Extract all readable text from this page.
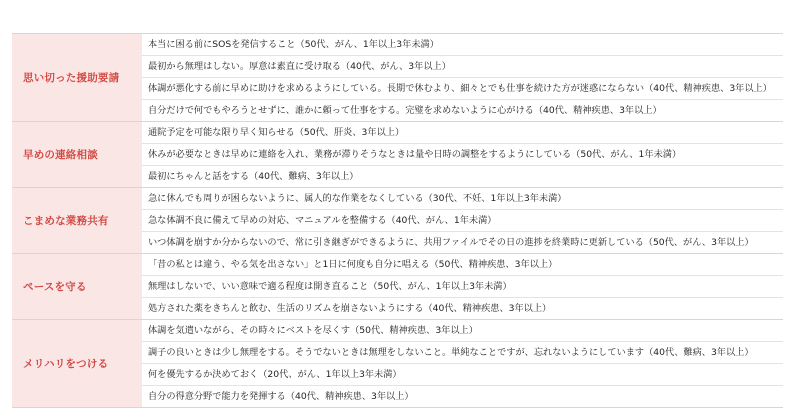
思い切った援助要請
本当に困る前にSOSを発信すること（50代、がん、1年以上3年未満）
最初から無理はしない。厚意は素直に受け取る（40代、がん、3年以上）
体調が悪化する前に早めに助けを求めるようにしている。長期で休むより、細々とでも仕事を続けた方が迷惑にならない（40代、精神疾患、3年以上）
自分だけで何でもやろうとせずに、誰かに頼って仕事をする。完璧を求めないように心がける（40代、精神疾患、3年以上）
早めの連絡相談
通院予定を可能な限り早く知らせる（50代、肝炎、3年以上）
休みが必要なときは早めに連絡を入れ、業務が滞りそうなときは量や日時の調整をするようにしている（50代、がん、1年未満）
最初にちゃんと話をする（40代、難病、3年以上）
こまめな業務共有
急に休んでも周りが困らないように、属人的な作業をなくしている（30代、不妊、1年以上3年未満）
急な体調不良に備えて早めの対応、マニュアルを整備する（40代、がん、1年未満）
いつ体調を崩すか分からないので、常に引き継ぎができるように、共用ファイルでその日の進捗を終業時に更新している（50代、がん、3年以上）
ペースを守る
「昔の私とは違う、やる気を出さない」と1日に何度も自分に唱える（50代、精神疾患、3年以上）
無理はしないで、いい意味で適る程度は開き直ること（50代、がん、1年以上3年未満）
処方された薬をきちんと飲む、生活のリズムを崩さないようにする（40代、精神疾患、3年以上）
メリハリをつける
体調を気遣いながら、その時々にベストを尽くす（50代、精神疾患、3年以上）
調子の良いときは少し無理をする。そうでないときは無理をしないこと。単純なことですが、忘れないようにしています（40代、難病、3年以上）
何を優先するか決めておく（20代、がん、1年以上3年未満）
自分の得意分野で能力を発揮する（40代、精神疾患、3年以上）
